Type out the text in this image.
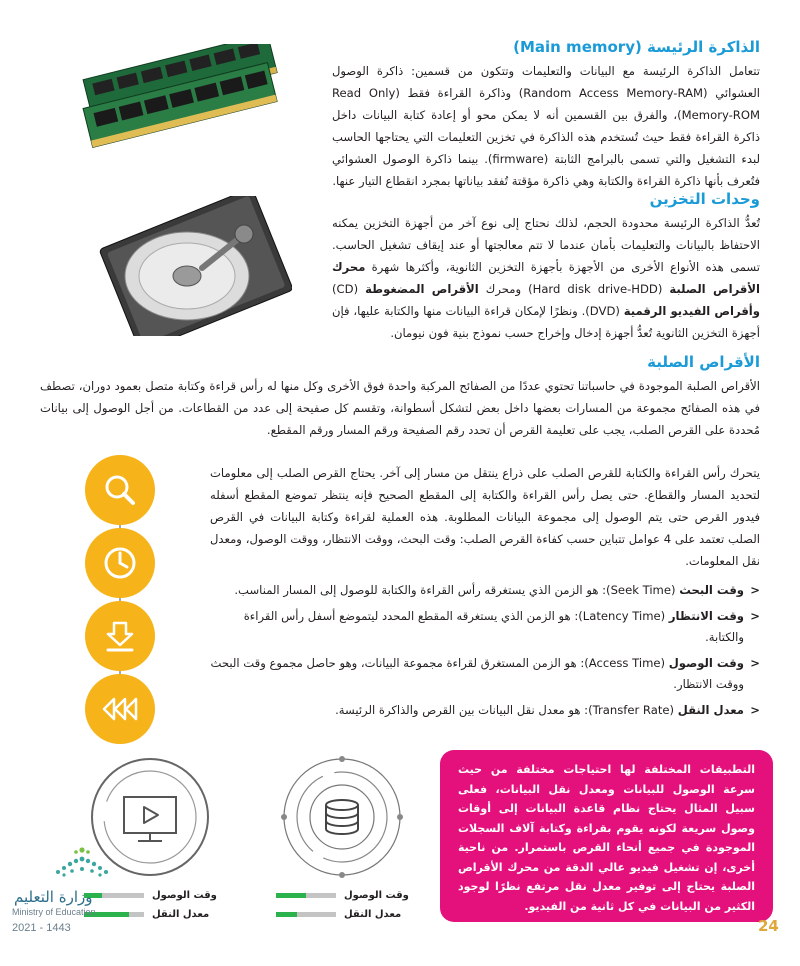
الذاكرة الرئيسة (Main memory)

تتعامل الذاكرة الرئيسة مع البيانات والتعليمات وتتكون من قسمين: ذاكرة الوصول العشوائي (Random Access Memory-RAM) وذاكرة القراءة فقط (Read Only Memory-ROM)، والفرق بين القسمين أنه لا يمكن محو أو إعادة كتابة البيانات داخل ذاكرة القراءة فقط حيث تُستخدم هذه الذاكرة في تخزين التعليمات التي يحتاجها الحاسب لبدء التشغيل والتي تسمى بالبرامج الثابتة (firmware). بينما ذاكرة الوصول العشوائي فتُعرف بأنها ذاكرة القراءة والكتابة وهي ذاكرة مؤقتة تُفقد بياناتها بمجرد انقطاع التيار عنها.

وحدات التخزين

تُعدُّ الذاكرة الرئيسة محدودة الحجم، لذلك نحتاج إلى نوع آخر من أجهزة التخزين يمكنه الاحتفاظ بالبيانات والتعليمات بأمان عندما لا تتم معالجتها أو عند إيقاف تشغيل الحاسب. تسمى هذه الأنواع الأخرى من الأجهزة بأجهزة التخزين الثانوية، وأكثرها شهرة محرك الأقراص الصلبة (Hard disk drive-HDD) ومحرك الأقراص المضغوطة (CD) وأقراص الفيديو الرقمية (DVD). ونظرًا لإمكان قراءة البيانات منها والكتابة عليها، فإن أجهزة التخزين الثانوية تُعدُّ أجهزة إدخال وإخراج حسب نموذج بنية فون نيومان.

الأقراص الصلبة

الأقراص الصلبة الموجودة في حاسباتنا تحتوي عددًا من الصفائح المركبة واحدة فوق الأخرى وكل منها له رأس قراءة وكتابة متصل بعمود دوران، تصطف في هذه الصفائح مجموعة من المسارات بعضها داخل بعض لتشكل أسطوانة، وتقسم كل صفيحة إلى عدد من القطاعات. من أجل الوصول إلى بيانات مُحددة على القرص الصلب، يجب على تعليمة القرص أن تحدد رقم الصفيحة ورقم المسار ورقم المقطع.

يتحرك رأس القراءة والكتابة للقرص الصلب على ذراع ينتقل من مسار إلى آخر. يحتاج القرص الصلب إلى معلومات لتحديد المسار والقطاع. حتى يصل رأس القراءة والكتابة إلى المقطع الصحيح فإنه ينتظر تموضع المقطع أسفله فيدور القرص حتى يتم الوصول إلى مجموعة البيانات المطلوبة. هذه العملية لقراءة وكتابة البيانات في القرص الصلب تعتمد على 4 عوامل تتباين حسب كفاءة القرص الصلب: وقت البحث، ووقت الانتظار، ووقت الوصول، ومعدل نقل المعلومات.

<
وقت البحث (Seek Time): هو الزمن الذي يستغرقه رأس القراءة والكتابة للوصول إلى المسار المناسب.
<
وقت الانتظار (Latency Time): هو الزمن الذي يستغرقه المقطع المحدد ليتموضع أسفل رأس القراءة والكتابة.
<
وقت الوصول (Access Time): هو الزمن المستغرق لقراءة مجموعة البيانات، وهو حاصل مجموع وقت البحث ووقت الانتظار.
<
معدل النقل (Transfer Rate): هو معدل نقل البيانات بين القرص والذاكرة الرئيسة.
التطبيقات المختلفة لها احتياجات مختلفة من حيث سرعة الوصول للبيانات ومعدل نقل البيانات، فعلى سبيل المثال يحتاج نظام قاعدة البيانات إلى أوقات وصول سريعة لكونه يقوم بقراءة وكتابة آلاف السجلات الموجودة في جميع أنحاء القرص باستمرار. من ناحية أخرى، إن تشغيل فيديو عالي الدقة من محرك الأقراص الصلبة يحتاج إلى توفير معدل نقل مرتفع نظرًا لوجود الكثير من البيانات في كل ثانية من الفيديو.
وقت الوصول
معدل النقل
وقت الوصول
معدل النقل
وزارة التعليم
Ministry of Education
2021 - 1443	24
